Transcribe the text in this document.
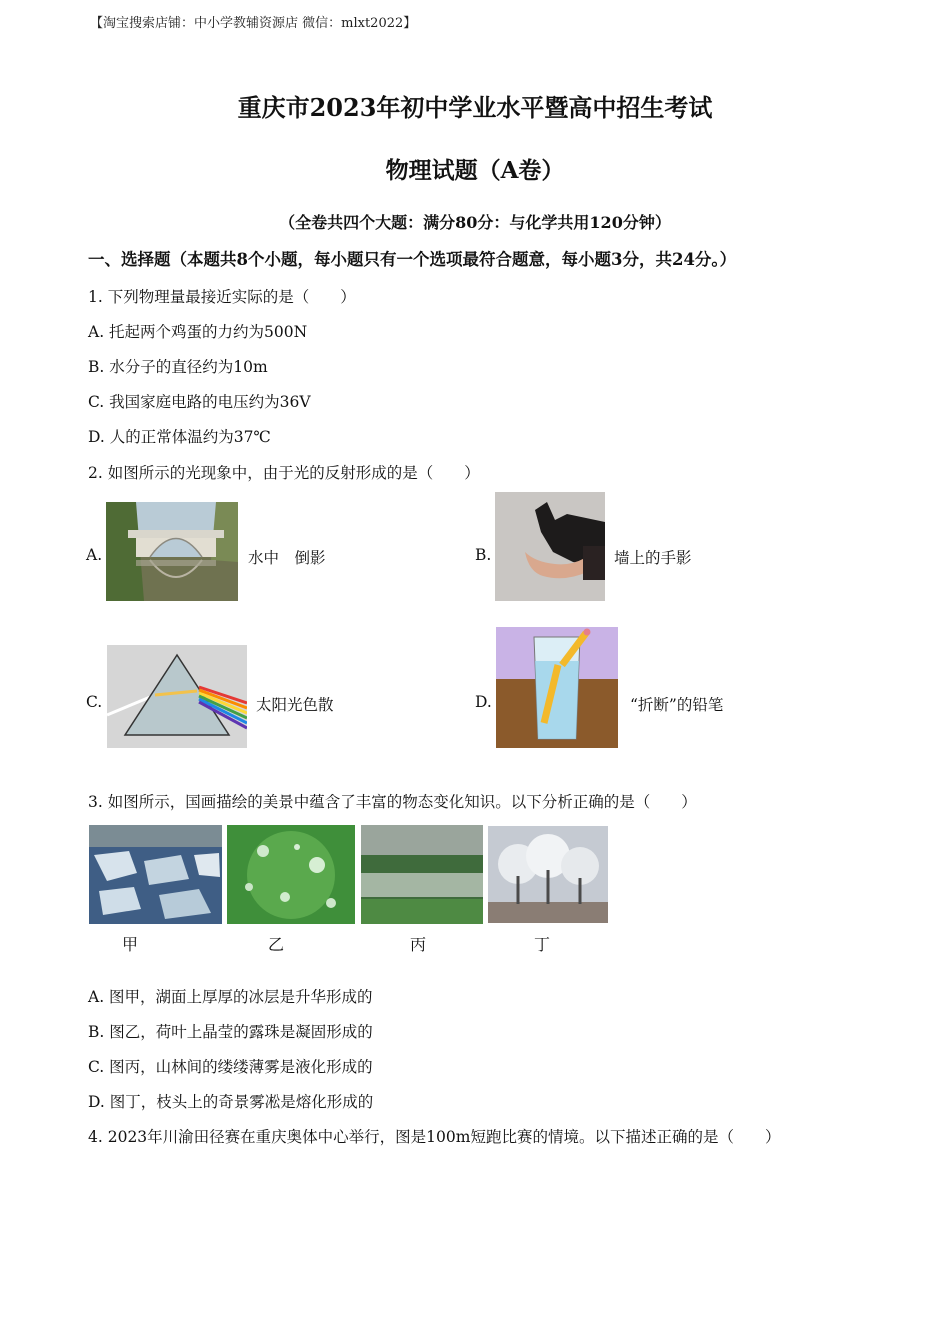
【淘宝搜索店铺：中小学教辅资源店 微信：mlxt2022】
重庆市2023年初中学业水平暨高中招生考试
物理试题（A卷）
（全卷共四个大题：满分80分：与化学共用120分钟）
一、选择题（本题共8个小题，每小题只有一个选项最符合题意，每小题3分，共24分。）
1. 下列物理量最接近实际的是（　　）
A. 托起两个鸡蛋的力约为500N
B. 水分子的直径约为10m
C. 我国家庭电路的电压约为36V
D. 人的正常体温约为37℃
2. 如图所示的光现象中，由于光的反射形成的是（　　）
A.	水中　倒影	B.	墙上的手影
C.	太阳光色散	D.	“折断”的铅笔
3. 如图所示，国画描绘的美景中蕴含了丰富的物态变化知识。以下分析正确的是（　　）
甲	乙	丙	丁
A. 图甲，湖面上厚厚的冰层是升华形成的
B. 图乙，荷叶上晶莹的露珠是凝固形成的
C. 图丙，山林间的缕缕薄雾是液化形成的
D. 图丁，枝头上的奇景雾凇是熔化形成的
4. 2023年川渝田径赛在重庆奥体中心举行，图是100m短跑比赛的情境。以下描述正确的是（　　）
